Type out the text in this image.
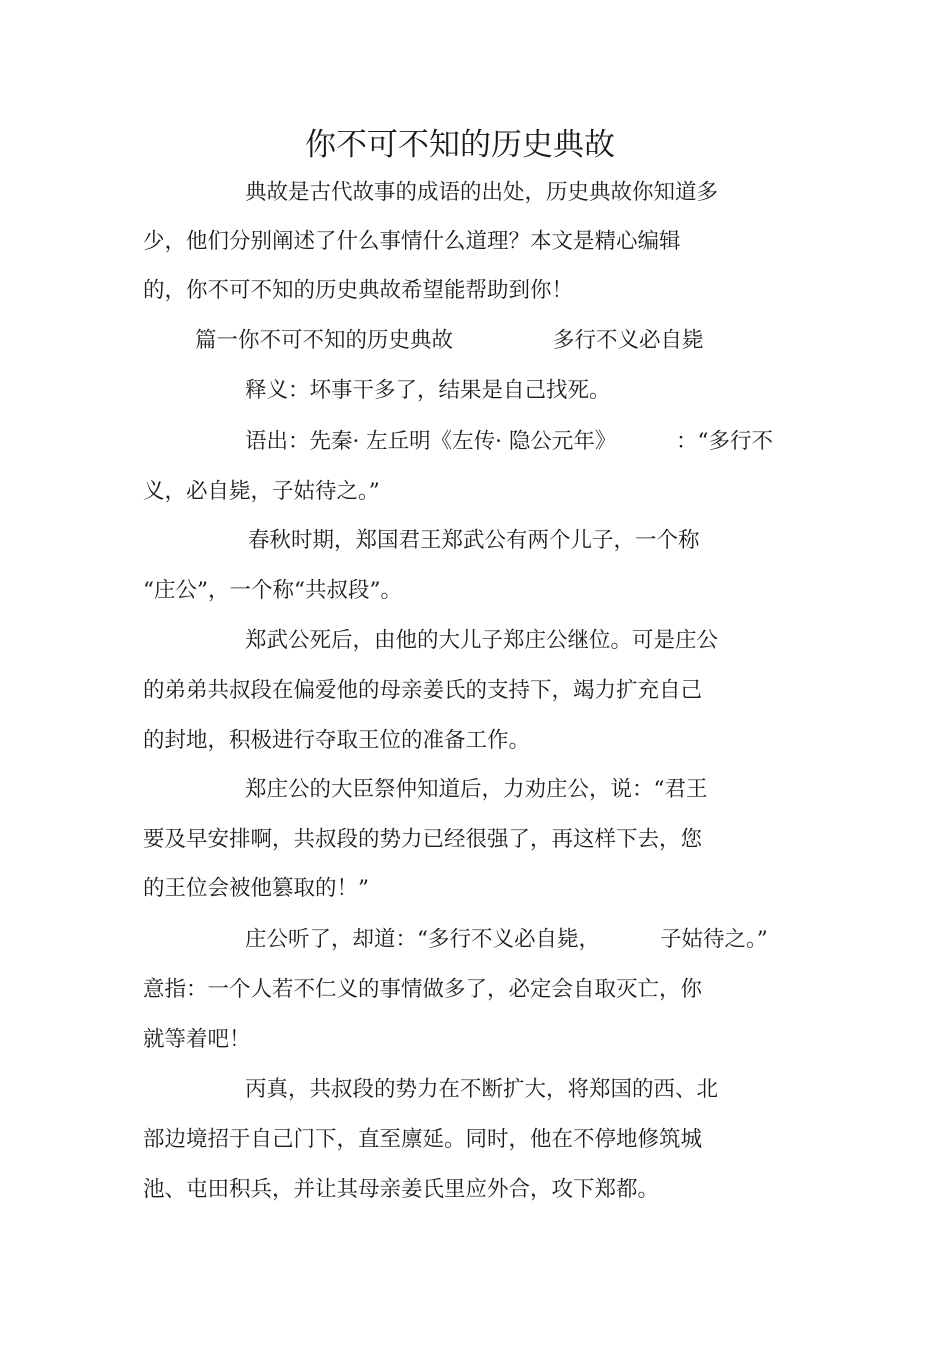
你不可不知的历史典故
典故是古代故事的成语的出处，历史典故你知道多
少，他们分别阐述了什么事情什么道理？本文是精心编辑
的，你不可不知的历史典故希望能帮助到你！
篇一你不可不知的历史典故	多行不义必自毙
释义：坏事干多了，结果是自己找死。
语出：先秦· 左丘明《左传· 隐公元年》	：“多行不
义，必自毙，子姑待之。”
春秋时期，郑国君王郑武公有两个儿子，一个称
“庄公”，一个称“共叔段”。
郑武公死后，由他的大儿子郑庄公继位。可是庄公
的弟弟共叔段在偏爱他的母亲姜氏的支持下，竭力扩充自己
的封地，积极进行夺取王位的准备工作。
郑庄公的大臣祭仲知道后，力劝庄公，说：“君王
要及早安排啊，共叔段的势力已经很强了，再这样下去，您
的王位会被他篡取的！”
庄公听了，却道：“多行不义必自毙，	子姑待之。”
意指：一个人若不仁义的事情做多了，必定会自取灭亡，你
就等着吧！
丙真，共叔段的势力在不断扩大，将郑国的西、北
部边境招于自己门下，直至廪延。同时，他在不停地修筑城
池、屯田积兵，并让其母亲姜氏里应外合，攻下郑都。
